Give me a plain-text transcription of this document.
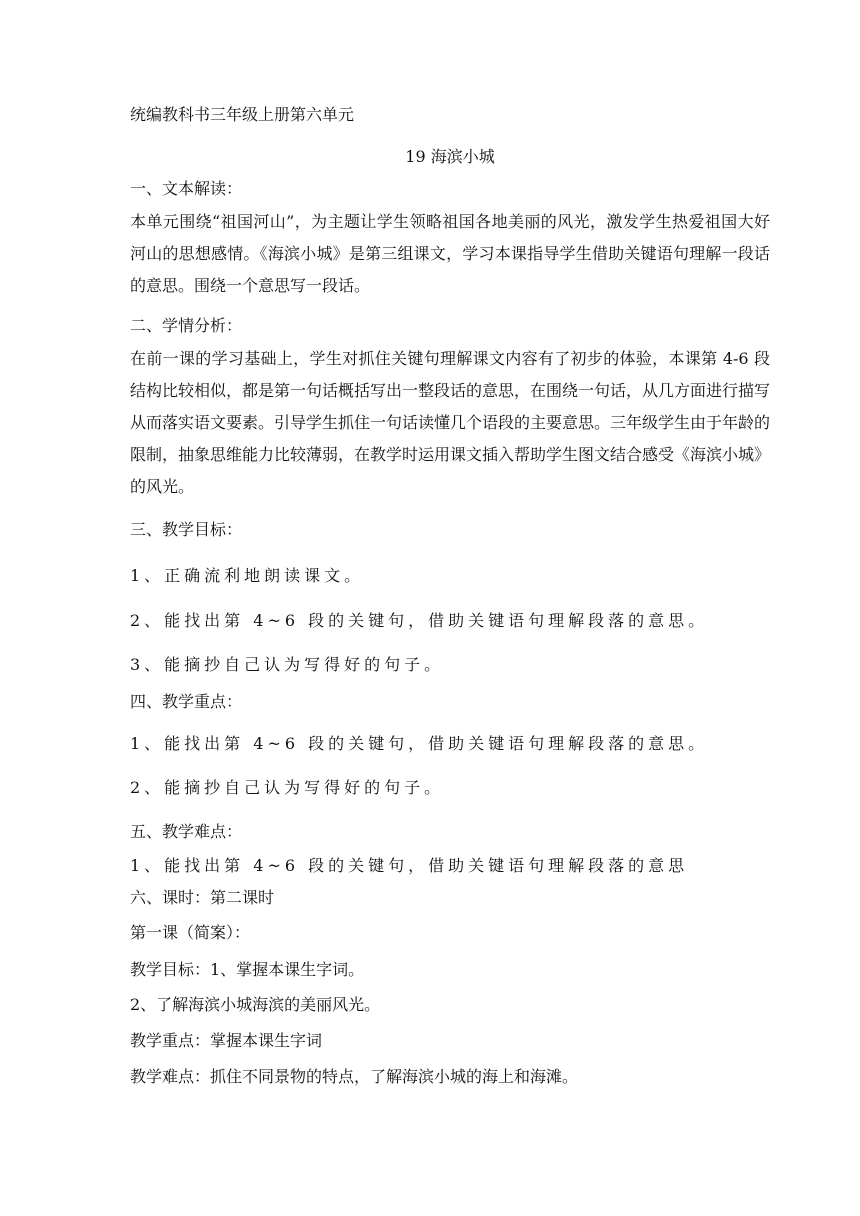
统编教科书三年级上册第六单元
19 海滨小城
一、文本解读：
本单元围绕“祖国河山”，为主题让学生领略祖国各地美丽的风光，激发学生热爱祖国大好河山的思想感情。《海滨小城》是第三组课文，学习本课指导学生借助关键语句理解一段话的意思。围绕一个意思写一段话。
二、学情分析：
在前一课的学习基础上，学生对抓住关键句理解课文内容有了初步的体验，本课第 4-6 段结构比较相似，都是第一句话概括写出一整段话的意思，在围绕一句话，从几方面进行描写从而落实语文要素。引导学生抓住一句话读懂几个语段的主要意思。三年级学生由于年龄的限制，抽象思维能力比较薄弱，在教学时运用课文插入帮助学生图文结合感受《海滨小城》的风光。
三、教学目标：
1、正确流利地朗读课文。
2、能找出第 4~6 段的关键句，借助关键语句理解段落的意思。
3、能摘抄自己认为写得好的句子。
四、教学重点：
1、能找出第 4~6 段的关键句，借助关键语句理解段落的意思。
2、能摘抄自己认为写得好的句子。
五、教学难点：
1、能找出第 4~6 段的关键句，借助关键语句理解段落的意思
六、课时：第二课时
第一课（简案）：
教学目标：1、掌握本课生字词。
2、了解海滨小城海滨的美丽风光。
教学重点：掌握本课生字词
教学难点：抓住不同景物的特点，了解海滨小城的海上和海滩。
